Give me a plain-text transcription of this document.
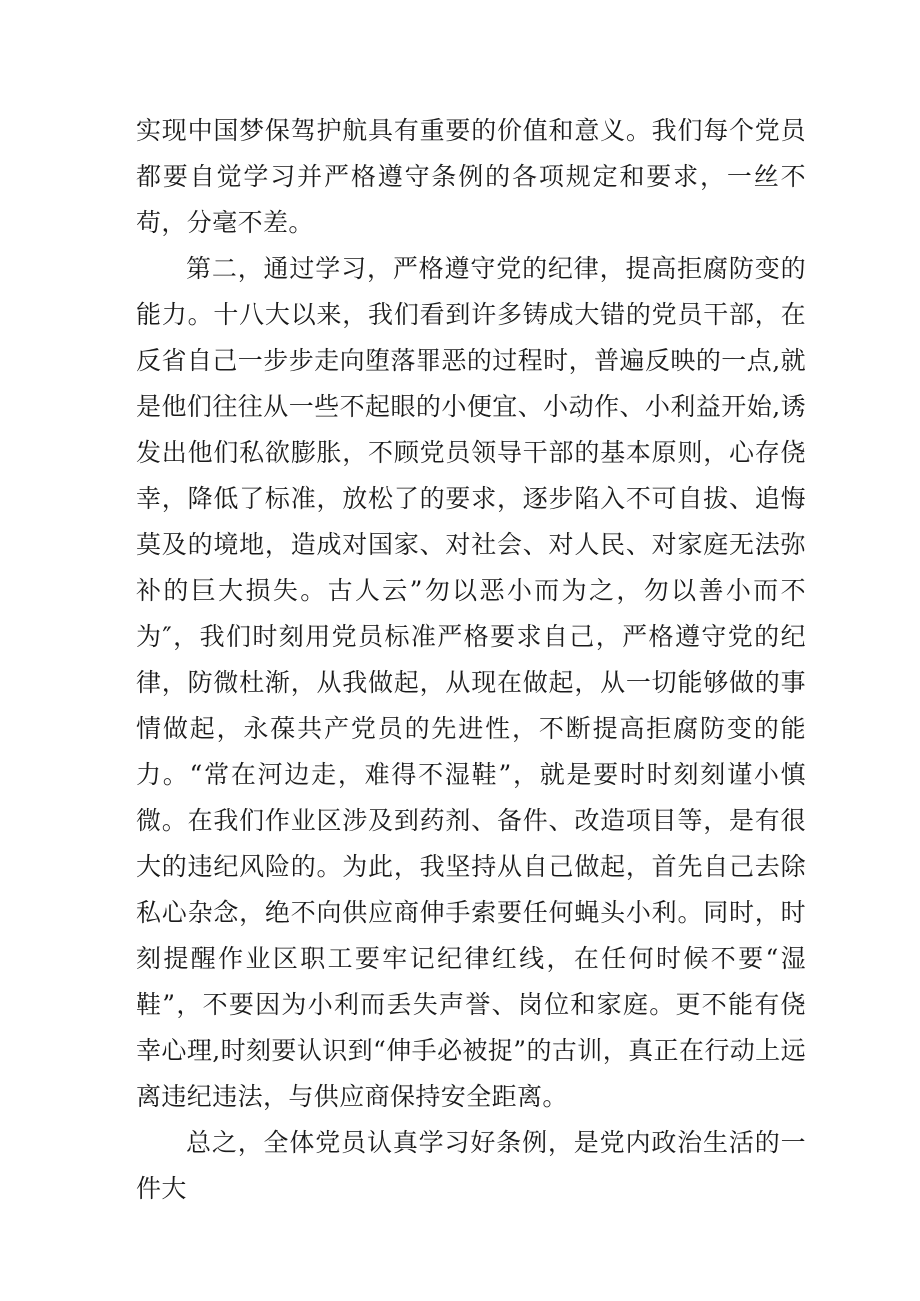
实现中国梦保驾护航具有重要的价值和意义。我们每个党员都要自觉学习并严格遵守条例的各项规定和要求，一丝不苟，分毫不差。

第二，通过学习，严格遵守党的纪律，提高拒腐防变的能力。十八大以来，我们看到许多铸成大错的党员干部，在反省自己一步步走向堕落罪恶的过程时，普遍反映的一点,就是他们往往从一些不起眼的小便宜、小动作、小利益开始,诱发出他们私欲膨胀，不顾党员领导干部的基本原则，心存侥幸，降低了标准，放松了的要求，逐步陷入不可自拔、追悔莫及的境地，造成对国家、对社会、对人民、对家庭无法弥补的巨大损失。古人云”勿以恶小而为之，勿以善小而不为″，我们时刻用党员标准严格要求自己，严格遵守党的纪律，防微杜渐，从我做起，从现在做起，从一切能够做的事情做起，永葆共产党员的先进性，不断提高拒腐防变的能力。“常在河边走，难得不湿鞋”，就是要时时刻刻谨小慎微。在我们作业区涉及到药剂、备件、改造项目等，是有很大的违纪风险的。为此，我坚持从自己做起，首先自己去除私心杂念，绝不向供应商伸手索要任何蝇头小利。同时，时刻提醒作业区职工要牢记纪律红线，在任何时候不要“湿鞋”，不要因为小利而丢失声誉、岗位和家庭。更不能有侥幸心理,时刻要认识到“伸手必被捉”的古训，真正在行动上远离违纪违法，与供应商保持安全距离。

总之，全体党员认真学习好条例，是党内政治生活的一件大
